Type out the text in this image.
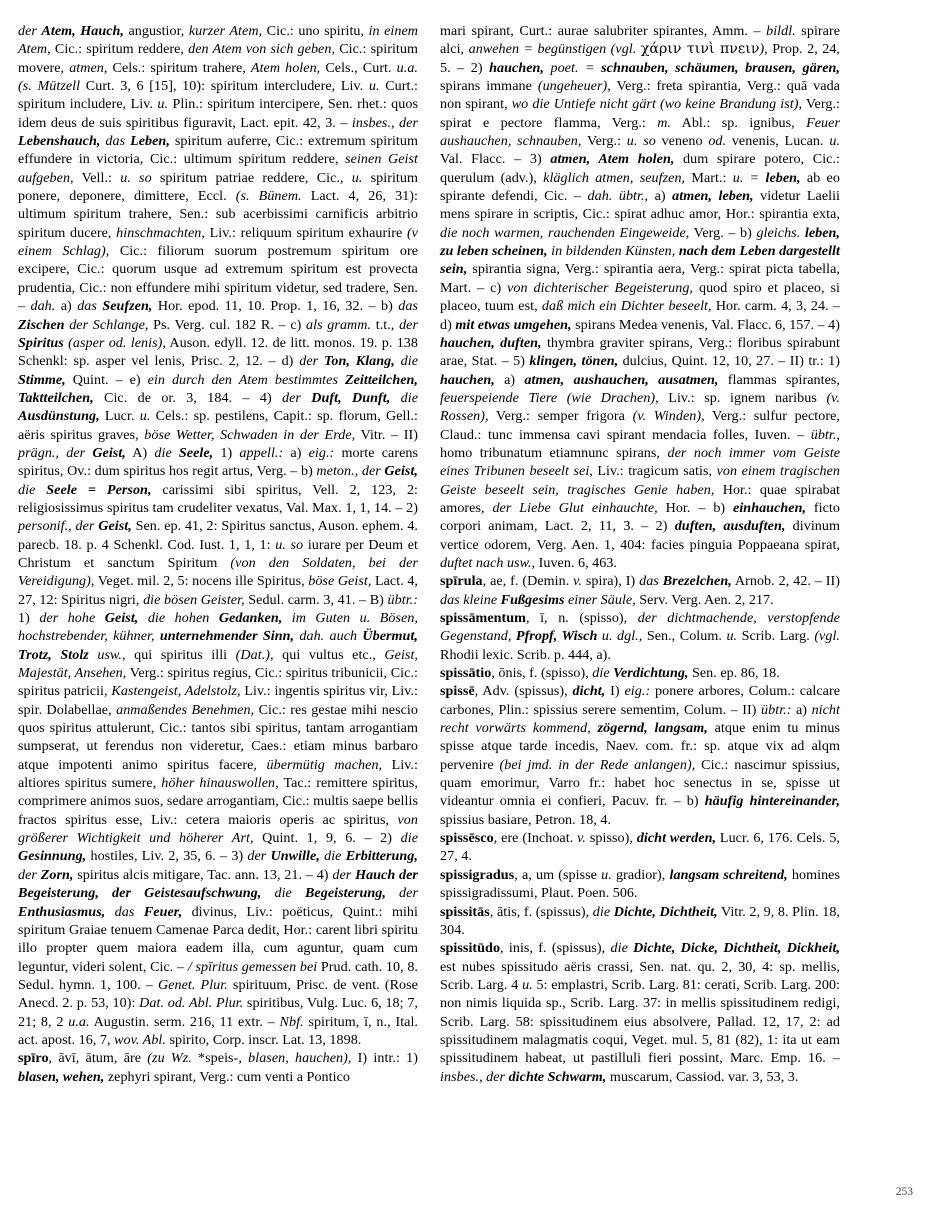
der Atem, Hauch, angustior, kurzer Atem, Cic.: uno spiritu, in einem Atem, Cic.: spiritum reddere, den Atem von sich geben, Cic.: spiritum movere, atmen, Cels.: spiritum trahere, Atem holen, Cels., Curt. u.a. (s. Mützell Curt. 3, 6 [15], 10): spiritum intercludere, Liv. u. Curt.: spiritum includere, Liv. u. Plin.: spiritum intercipere, Sen. rhet.: quos idem deus de suis spiritibus figuravit, Lact. epit. 42, 3. – insbes., der Lebenshauch, das Leben, spiritum auferre, Cic.: extremum spiritum effundere in victoria, Cic.: ultimum spiritum reddere, seinen Geist aufgeben, Vell.: u. so spiritum patriae reddere, Cic., u. spiritum ponere, deponere, dimittere, Eccl. (s. Bünem. Lact. 4, 26, 31): ultimum spiritum trahere, Sen.: sub acerbissimi carnificis arbitrio spiritum ducere, hinschmachten, Liv.: reliquum spiritum exhaurire (v einem Schlag), Cic.: filiorum suorum postremum spiritum ore excipere, Cic.: quorum usque ad extremum spiritum est provecta prudentia, Cic.: non effundere mihi spiritum videtur, sed tradere, Sen. – dah. a) das Seufzen, Hor. epod. 11, 10. Prop. 1, 16, 32. – b) das Zischen der Schlange, Ps. Verg. cul. 182 R. – c) als gramm. t.t., der Spiritus (asper od. lenis), Auson. edyll. 12. de litt. monos. 19. p. 138 Schenkl: sp. asper vel lenis, Prisc. 2, 12. – d) der Ton, Klang, die Stimme, Quint. – e) ein durch den Atem bestimmtes Zeitteilchen, Taktteilchen, Cic. de or. 3, 184. – 4) der Duft, Dunft, die Ausdünstung, Lucr. u. Cels.: sp. pestilens, Capit.: sp. florum, Gell.: aëris spiritus graves, böse Wetter, Schwaden in der Erde, Vitr. – II) prägn., der Geist, A) die Seele, 1) appell.: a) eig.: morte carens spiritus, Ov.: dum spiritus hos regit artus, Verg. – b) meton., der Geist, die Seele = Person, carissimi sibi spiritus, Vell. 2, 123, 2: religiosissimus spiritus tam crudeliter vexatus, Val. Max. 1, 1, 14. – 2) personif., der Geist, Sen. ep. 41, 2: Spiritus sanctus, Auson. ephem. 4. parecb. 18. p. 4 Schenkl. Cod. Iust. 1, 1, 1: u. so iurare per Deum et Christum et sanctum Spiritum (von den Soldaten, bei der Vereidigung), Veget. mil. 2, 5: nocens ille Spiritus, böse Geist, Lact. 4, 27, 12: Spiritus nigri, die bösen Geister, Sedul. carm. 3, 41. – B) übtr.: 1) der hohe Geist, die hohen Gedanken, im Guten u. Bösen, hochstrebender, kühner, unternehmender Sinn, dah. auch Übermut, Trotz, Stolz usw., qui spiritus illi (Dat.), qui vultus etc., Geist, Majestät, Ansehen, Verg.: spiritus regius, Cic.: spiritus tribunicii, Cic.: spiritus patricii, Kastengeist, Adelstolz, Liv.: ingentis spiritus vir, Liv.: spir. Dolabellae, anmaßendes Benehmen, Cic.: res gestae mihi nescio quos spiritus attulerunt, Cic.: tantos sibi spiritus, tantam arrogantiam sumpserat, ut ferendus non videretur, Caes.: etiam minus barbaro atque impotenti animo spiritus facere, übermütig machen, Liv.: altiores spiritus sumere, höher hinauswollen, Tac.: remittere spiritus, comprimere animos suos, sedare arrogantiam, Cic.: multis saepe bellis fractos spiritus esse, Liv.: cetera maioris operis ac spiritus, von größerer Wichtigkeit und höherer Art, Quint. 1, 9, 6. – 2) die Gesinnung, hostiles, Liv. 2, 35, 6. – 3) der Unwille, die Erbitterung, der Zorn, spiritus alcis mitigare, Tac. ann. 13, 21. – 4) der Hauch der Begeisterung, der Geistesaufschwung, die Begeisterung, der Enthusiasmus, das Feuer, divinus, Liv.: poëticus, Quint.: mihi spiritum Graiae tenuem Camenae Parca dedit, Hor.: carent libri spiritu illo propter quem maiora eadem illa, cum aguntur, quam cum leguntur, videri solent, Cic. – / spīritus gemessen bei Prud. cath. 10, 8. Sedul. hymn. 1, 100. – Genet. Plur. spirituum, Prisc. de vent. (Rose Anecd. 2. p. 53, 10): Dat. od. Abl. Plur. spiritibus, Vulg. Luc. 6, 18; 7, 21; 8, 2 u.a. Augustin. serm. 216, 11 extr. – Nbf. spiritum, ī, n., Ital. act. apost. 16, 7, wov. Abl. spirito, Corp. inscr. Lat. 13, 1898.

spīro, āvī, ātum, āre (zu Wz. *speis-, blasen, hauchen), I) intr.: 1) blasen, wehen, zephyri spirant, Verg.: cum venti a Pontico

mari spirant, Curt.: aurae salubriter spirantes, Amm. – bildl. spirare alci, anwehen = begünstigen (vgl. χάριν τινὶ πνειν), Prop. 2, 24, 5. – 2) hauchen, poet. = schnauben, schäumen, brausen, gären, spirans immane (ungeheuer), Verg.: freta spirantia, Verg.: quā vada non spirant, wo die Untiefe nicht gärt (wo keine Brandung ist), Verg.: spirat e pectore flamma, Verg.: m. Abl.: sp. ignibus, Feuer aushauchen, schnauben, Verg.: u. so veneno od. venenis, Lucan. u. Val. Flacc. – 3) atmen, Atem holen, dum spirare potero, Cic.: querulum (adv.), kläglich atmen, seufzen, Mart.: u. = leben, ab eo spirante defendi, Cic. – dah. übtr., a) atmen, leben, videtur Laelii mens spirare in scriptis, Cic.: spirat adhuc amor, Hor.: spirantia exta, die noch warmen, rauchenden Eingeweide, Verg. – b) gleichs. leben, zu leben scheinen, in bildenden Künsten, nach dem Leben dargestellt sein, spirantia signa, Verg.: spirantia aera, Verg.: spirat picta tabella, Mart. – c) von dichterischer Begeisterung, quod spiro et placeo, si placeo, tuum est, daß mich ein Dichter beseelt, Hor. carm. 4, 3, 24. – d) mit etwas umgehen, spirans Medea venenis, Val. Flacc. 6, 157. – 4) hauchen, duften, thymbra graviter spirans, Verg.: floribus spirabunt arae, Stat. – 5) klingen, tönen, dulcius, Quint. 12, 10, 27. – II) tr.: 1) hauchen, a) atmen, aushauchen, ausatmen, flammas spirantes, feuerspeiende Tiere (wie Drachen), Liv.: sp. ignem naribus (v. Rossen), Verg.: semper frigora (v. Winden), Verg.: sulfur pectore, Claud.: tunc immensa cavi spirant mendacia folles, Iuven. – übtr., homo tribunatum etiamnunc spirans, der noch immer vom Geiste eines Tribunen beseelt sei, Liv.: tragicum satis, von einem tragischen Geiste beseelt sein, tragisches Genie haben, Hor.: quae spirabat amores, der Liebe Glut einhauchte, Hor. – b) einhauchen, ficto corpori animam, Lact. 2, 11, 3. – 2) duften, ausduften, divinum vertice odorem, Verg. Aen. 1, 404: facies pinguia Poppaeana spirat, duftet nach usw., Iuven. 6, 463.

spīrula, ae, f. (Demin. v. spira), I) das Brezelchen, Arnob. 2, 42. – II) das kleine Fußgesims einer Säule, Serv. Verg. Aen. 2, 217.

spissāmentum, ī, n. (spisso), der dichtmachende, verstopfende Gegenstand, Pfropf, Wisch u. dgl., Sen., Colum. u. Scrib. Larg. (vgl. Rhodii lexic. Scrib. p. 444, a).

spissātio, ōnis, f. (spisso), die Verdichtung, Sen. ep. 86, 18.

spissē, Adv. (spissus), dicht, I) eig.: ponere arbores, Colum.: calcare carbones, Plin.: spissius serere sementim, Colum. – II) übtr.: a) nicht recht vorwärts kommend, zögernd, langsam, atque enim tu minus spisse atque tarde incedis, Naev. com. fr.: sp. atque vix ad alqm pervenire (bei jmd. in der Rede anlangen), Cic.: nascimur spissius, quam emorimur, Varro fr.: habet hoc senectus in se, spisse ut videantur omnia ei confieri, Pacuv. fr. – b) häufig hintereinander, spissius basiare, Petron. 18, 4.

spissēsco, ere (Inchoat. v. spisso), dicht werden, Lucr. 6, 176. Cels. 5, 27, 4.

spissigradus, a, um (spisse u. gradior), langsam schreitend, homines spissigradissumi, Plaut. Poen. 506.

spissitās, ātis, f. (spissus), die Dichte, Dichtheit, Vitr. 2, 9, 8. Plin. 18, 304.

spissitūdo, inis, f. (spissus), die Dichte, Dicke, Dichtheit, Dickheit, est nubes spissitudo aëris crassi, Sen. nat. qu. 2, 30, 4: sp. mellis, Scrib. Larg. 4 u. 5: emplastri, Scrib. Larg. 81: cerati, Scrib. Larg. 200: non nimis liquida sp., Scrib. Larg. 37: in mellis spissitudinem redigi, Scrib. Larg. 58: spissitudinem eius absolvere, Pallad. 12, 17, 2: ad spissitudinem malagmatis coqui, Veget. mul. 5, 81 (82), 1: ita ut eam spissitudinem habeat, ut pastilluli fieri possint, Marc. Emp. 16. – insbes., der dichte Schwarm, muscarum, Cassiod. var. 3, 53, 3.

253
